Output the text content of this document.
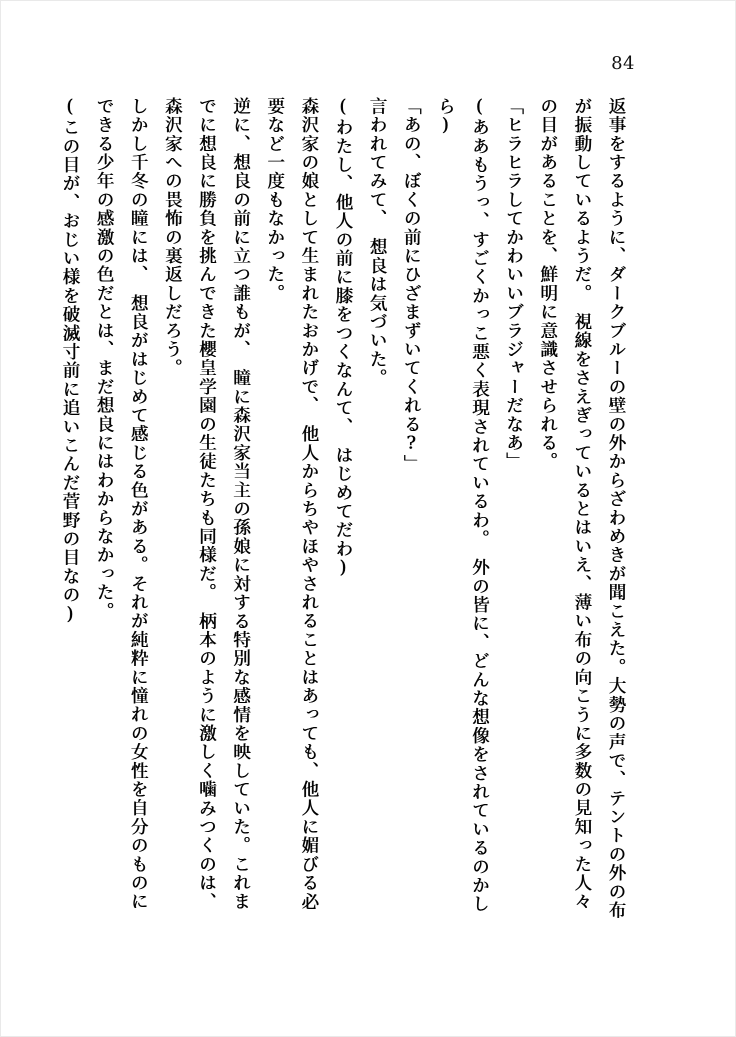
84

返事をするように、ダークブルーの壁の外からざわめきが聞こえた。大勢の声で、テントの外の布が振動しているようだ。　視線をさえぎっているとはいえ、薄い布の向こうに多数の見知った人々の目があることを、鮮明に意識させられる。

「ヒラヒラしてかわいいブラジャーだなあ」

(ああもうっ、すごくかっこ悪く表現されているわ。　外の皆に、どんな想像をされているのかしら)

「あの、ぼくの前にひざまずいてくれる?」

言われてみて、　想良は気づいた。

(わたし、他人の前に膝をつくなんて、　はじめてだわ)

森沢家の娘として生まれたおかげで、　他人からちやほやされることはあっても、他人に媚びる必要など一度もなかった。

逆に、想良の前に立つ誰もが、　瞳に森沢家当主の孫娘に対する特別な感情を映していた。これまでに想良に勝負を挑んできた櫻皇学園の生徒たちも同様だ。　柄本のように激しく噛みつくのは、森沢家への畏怖の裏返しだろう。

しかし千冬の瞳には、　想良がはじめて感じる色がある。それが純粋に憧れの女性を自分のものにできる少年の感激の色だとは、まだ想良にはわからなかった。

(この目が、おじい様を破滅寸前に追いこんだ菅野の目なの)
